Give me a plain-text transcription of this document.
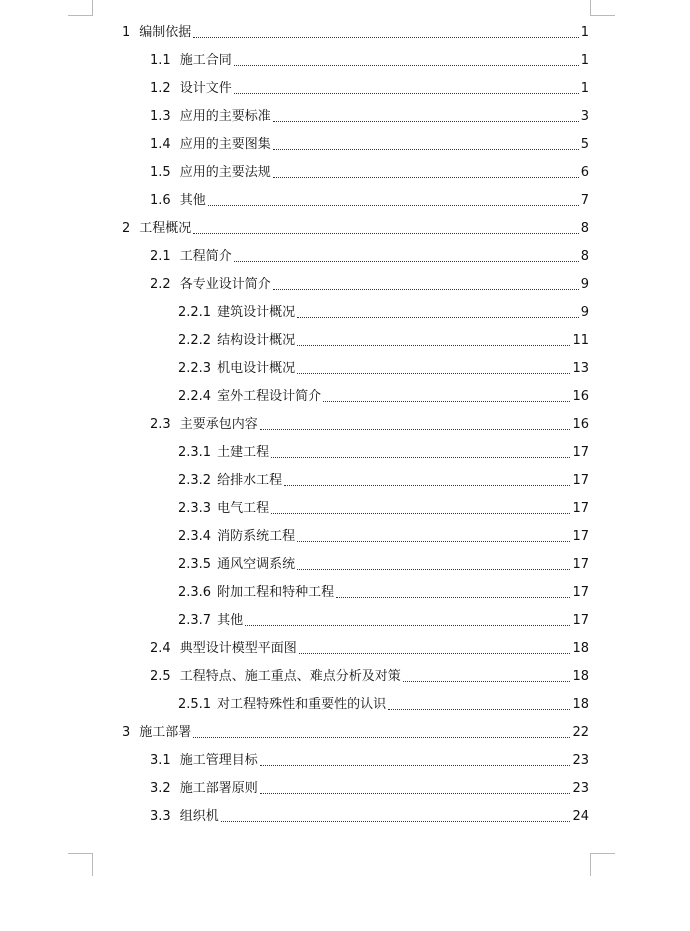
1 编制依据	1
1.1 施工合同	1
1.2 设计文件	1
1.3 应用的主要标准	3
1.4 应用的主要图集	5
1.5 应用的主要法规	6
1.6 其他	7
2 工程概况	8
2.1 工程简介	8
2.2 各专业设计简介	9
2.2.1 建筑设计概况	9
2.2.2 结构设计概况	11
2.2.3 机电设计概况	13
2.2.4 室外工程设计简介	16
2.3 主要承包内容	16
2.3.1 土建工程	17
2.3.2 给排水工程	17
2.3.3 电气工程	17
2.3.4 消防系统工程	17
2.3.5 通风空调系统	17
2.3.6 附加工程和特种工程	17
2.3.7 其他	17
2.4 典型设计模型平面图	18
2.5 工程特点、施工重点、难点分析及对策	18
2.5.1 对工程特殊性和重要性的认识	18
3 施工部署	22
3.1 施工管理目标	23
3.2 施工部署原则	23
3.3 组织机	24
